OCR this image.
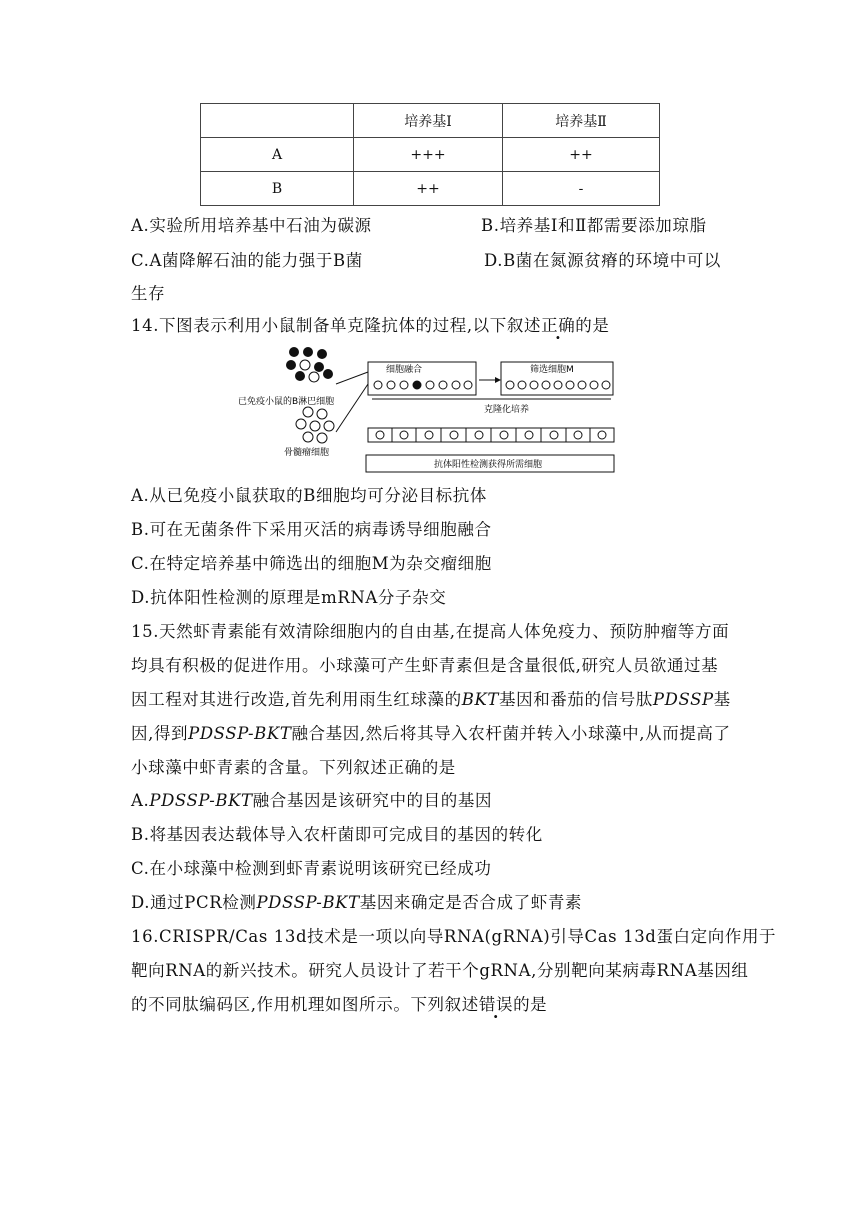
	培养基Ⅰ	培养基Ⅱ
A	+++	++
B	++	-
A.实验所用培养基中石油为碳源	B.培养基Ⅰ和Ⅱ都需要添加琼脂
C.A菌降解石油的能力强于B菌	D.B菌在氮源贫瘠的环境中可以
生存
14.下图表示利用小鼠制备单克隆抗体的过程,以下叙述正确的是
已免疫小鼠的B淋巴细胞
骨髓瘤细胞
细胞融合	筛选细胞M
克隆化培养
抗体阳性检测获得所需细胞
A.从已免疫小鼠获取的B细胞均可分泌目标抗体
B.可在无菌条件下采用灭活的病毒诱导细胞融合
C.在特定培养基中筛选出的细胞M为杂交瘤细胞
D.抗体阳性检测的原理是mRNA分子杂交
15.天然虾青素能有效清除细胞内的自由基,在提高人体免疫力、预防肿瘤等方面
均具有积极的促进作用。小球藻可产生虾青素但是含量很低,研究人员欲通过基
因工程对其进行改造,首先利用雨生红球藻的BKT基因和番茄的信号肽PDSSP基
因,得到PDSSP-BKT融合基因,然后将其导入农杆菌并转入小球藻中,从而提高了
小球藻中虾青素的含量。下列叙述正确的是
A.PDSSP-BKT融合基因是该研究中的目的基因
B.将基因表达载体导入农杆菌即可完成目的基因的转化
C.在小球藻中检测到虾青素说明该研究已经成功
D.通过PCR检测PDSSP-BKT基因来确定是否合成了虾青素
16.CRISPR/Cas 13d技术是一项以向导RNA(gRNA)引导Cas 13d蛋白定向作用于
靶向RNA的新兴技术。研究人员设计了若干个gRNA,分别靶向某病毒RNA基因组
的不同肽编码区,作用机理如图所示。下列叙述错误的是
